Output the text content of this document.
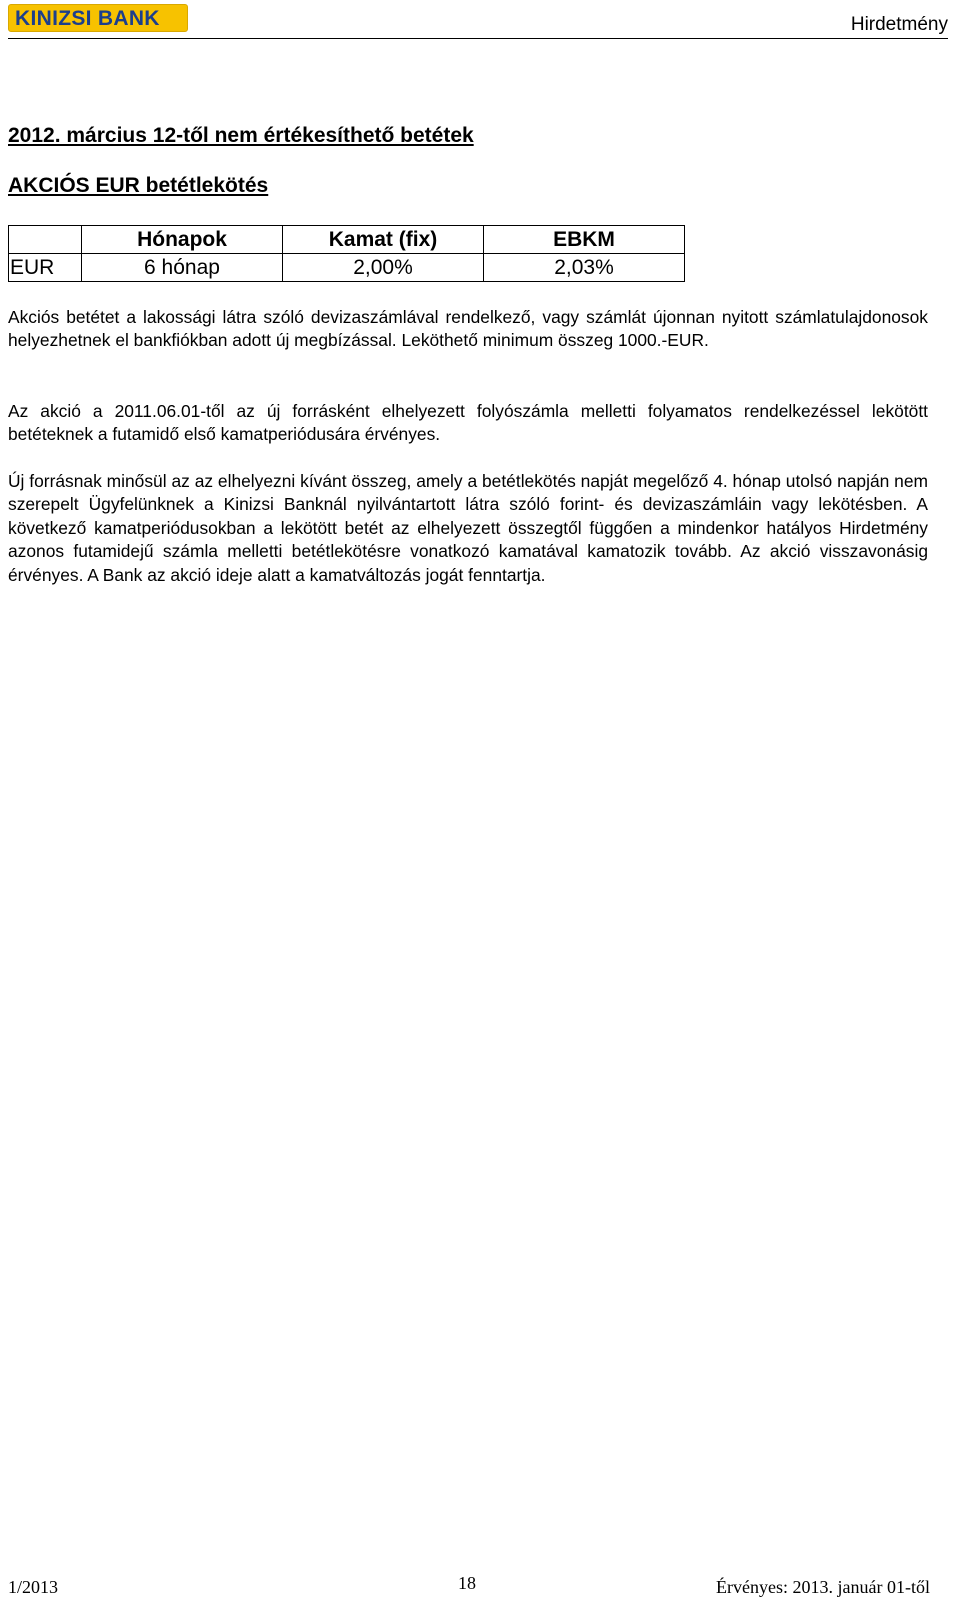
KINIZSI BANK	Hirdetmény
2012. március 12-től nem értékesíthető betétek
AKCIÓS EUR betétlekötés
	Hónapok	Kamat (fix)	EBKM
EUR	6 hónap	2,00%	2,03%

Akciós betétet a lakossági látra szóló devizaszámlával rendelkező, vagy számlát újonnan nyitott számlatulajdonosok helyezhetnek el bankfiókban adott új megbízással. Leköthető minimum összeg 1000.-EUR.

Az akció a 2011.06.01-től az új forrásként elhelyezett folyószámla melletti folyamatos rendelkezéssel lekötött betéteknek a futamidő első kamatperiódusára érvényes.

Új forrásnak minősül az az elhelyezni kívánt összeg, amely a betétlekötés napját megelőző 4. hónap utolsó napján nem szerepelt Ügyfelünknek a Kinizsi Banknál nyilvántartott látra szóló forint- és devizaszámláin vagy lekötésben. A következő kamatperiódusokban a lekötött betét az elhelyezett összegtől függően a mindenkor hatályos Hirdetmény azonos futamidejű számla melletti betétlekötésre vonatkozó kamatával kamatozik tovább. Az akció visszavonásig érvényes. A Bank az akció ideje alatt a kamatváltozás jogát fenntartja.

1/2013	18	Érvényes: 2013. január 01-től
